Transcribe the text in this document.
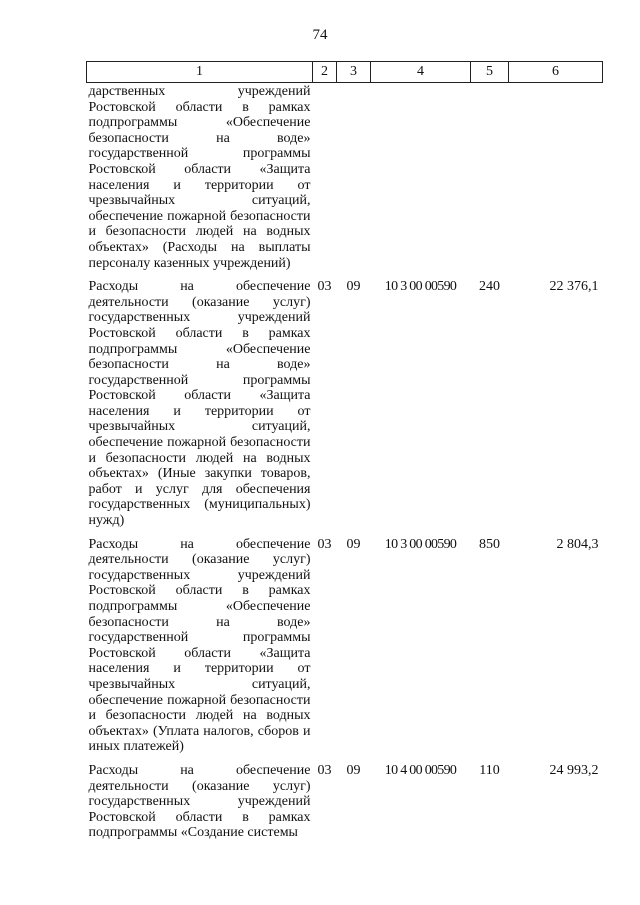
74
1	2	3	4	5	6
дарственных учреждений Ростовской области в рамках подпрограммы «Обеспечение безопасности на воде» государственной программы Ростовской области «Защита населения и территории от чрезвычайных ситуаций, обеспечение пожарной безопасности и безопасности людей на водных объектах» (Расходы на выплаты персоналу казенных учреждений)					
Расходы на обеспечение деятельности (оказание услуг) государственных учреждений Ростовской области в рамках подпрограммы «Обеспечение безопасности на воде» государственной программы Ростовской области «Защита населения и территории от чрезвычайных ситуаций, обеспечение пожарной безопасности и безопасности людей на водных объектах» (Иные закупки товаров, работ и услуг для обеспечения государственных (муниципальных) нужд)	03	09	10 3 00 00590	240	22 376,1
Расходы на обеспечение деятельности (оказание услуг) государственных учреждений Ростовской области в рамках подпрограммы «Обеспечение безопасности на воде» государственной программы Ростовской области «Защита населения и территории от чрезвычайных ситуаций, обеспечение пожарной безопасности и безопасности людей на водных объектах» (Уплата налогов, сборов и иных платежей)	03	09	10 3 00 00590	850	2 804,3
Расходы на обеспечение деятельности (оказание услуг) государственных учреждений Ростовской области в рамках подпрограммы «Создание системы	03	09	10 4 00 00590	110	24 993,2
